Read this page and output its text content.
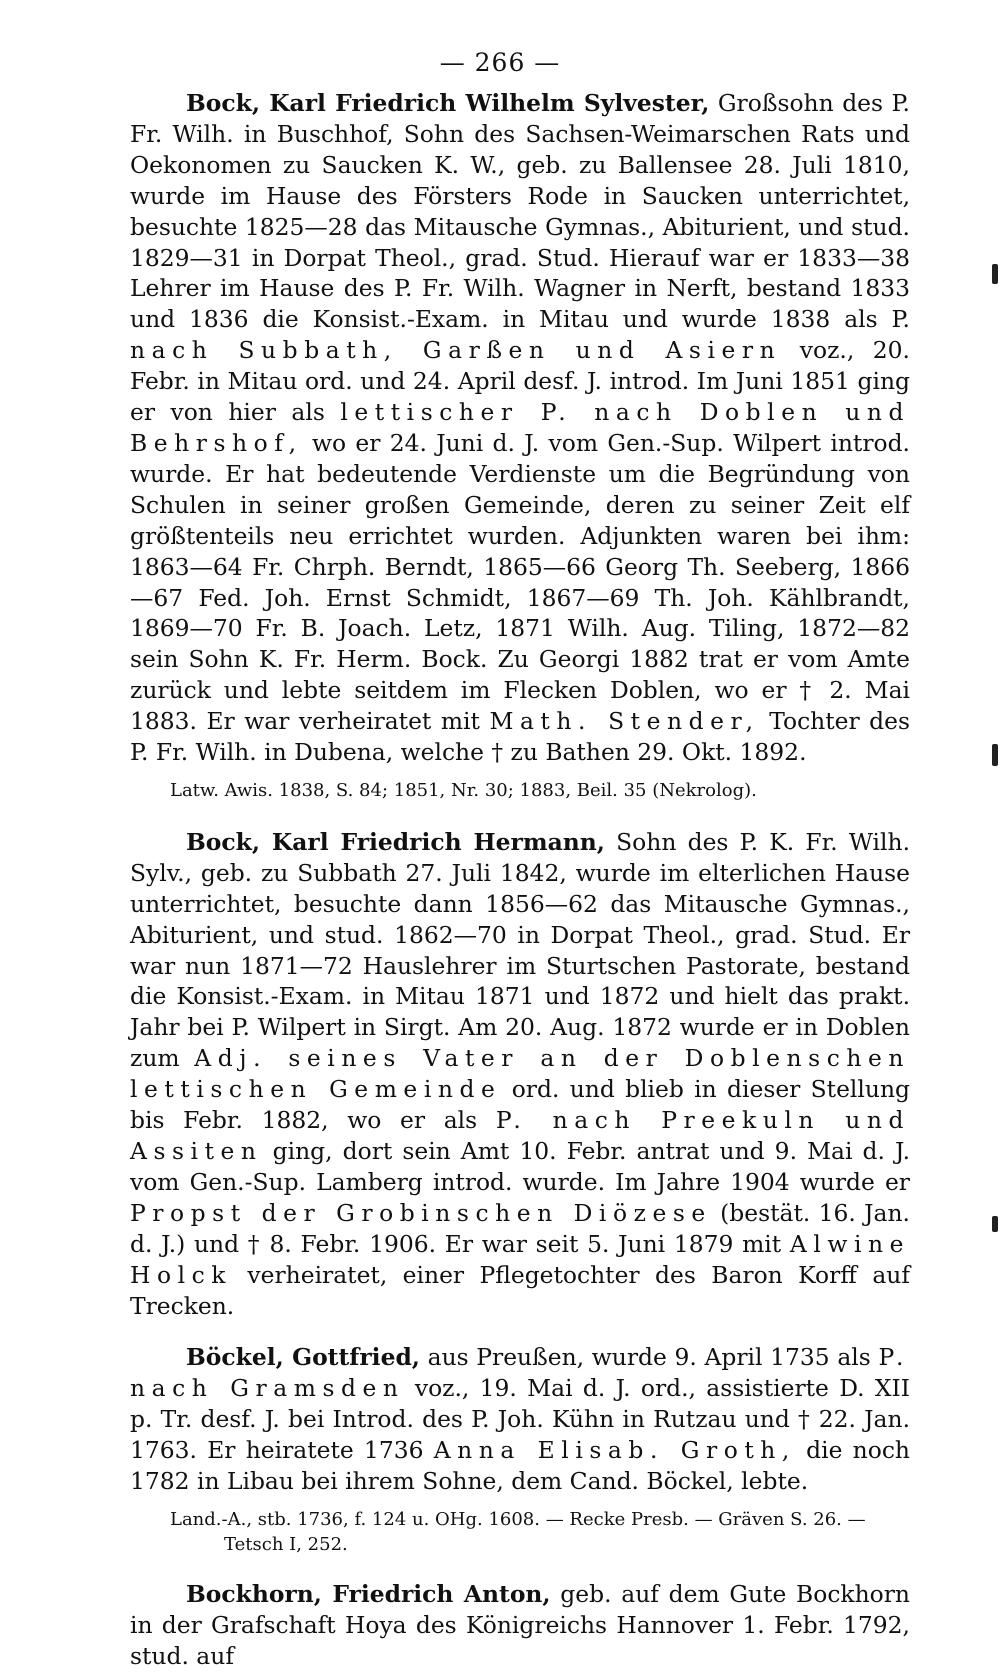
— 266 —

Bock, Karl Friedrich Wilhelm Sylvester, Großsohn des P. Fr. Wilh. in Buschhof, Sohn des Sachsen-Weimarschen Rats und Oekonomen zu Saucken K. W., geb. zu Ballensee 28. Juli 1810, wurde im Hause des Försters Rode in Saucken unterrichtet, besuchte 1825—28 das Mitausche Gymnas., Abiturient, und stud. 1829—31 in Dorpat Theol., grad. Stud. Hierauf war er 1833—38 Lehrer im Hause des P. Fr. Wilh. Wagner in Nerft, bestand 1833 und 1836 die Konsist.-Exam. in Mitau und wurde 1838 als P. nach Subbath, Garßen und Asiern voz., 20. Febr. in Mitau ord. und 24. April desf. J. introd. Im Juni 1851 ging er von hier als lettischer P. nach Doblen und Behrshof, wo er 24. Juni d. J. vom Gen.-Sup. Wilpert introd. wurde. Er hat bedeutende Verdienste um die Begründung von Schulen in seiner großen Gemeinde, deren zu seiner Zeit elf größtenteils neu errichtet wurden. Adjunkten waren bei ihm: 1863—64 Fr. Chrph. Berndt, 1865—66 Georg Th. Seeberg, 1866—67 Fed. Joh. Ernst Schmidt, 1867—69 Th. Joh. Kählbrandt, 1869—70 Fr. B. Joach. Letz, 1871 Wilh. Aug. Tiling, 1872—82 sein Sohn K. Fr. Herm. Bock. Zu Georgi 1882 trat er vom Amte zurück und lebte seitdem im Flecken Doblen, wo er † 2. Mai 1883. Er war verheiratet mit Math. Stender, Tochter des P. Fr. Wilh. in Dubena, welche † zu Bathen 29. Okt. 1892.

Latw. Awis. 1838, S. 84; 1851, Nr. 30; 1883, Beil. 35 (Nekrolog).

Bock, Karl Friedrich Hermann, Sohn des P. K. Fr. Wilh. Sylv., geb. zu Subbath 27. Juli 1842, wurde im elterlichen Hause unterrichtet, besuchte dann 1856—62 das Mitausche Gymnas., Abiturient, und stud. 1862—70 in Dorpat Theol., grad. Stud. Er war nun 1871—72 Hauslehrer im Sturtschen Pastorate, bestand die Konsist.-Exam. in Mitau 1871 und 1872 und hielt das prakt. Jahr bei P. Wilpert in Sirgt. Am 20. Aug. 1872 wurde er in Doblen zum Adj. seines Vater an der Doblenschen lettischen Gemeinde ord. und blieb in dieser Stellung bis Febr. 1882, wo er als P. nach Preekuln und Assiten ging, dort sein Amt 10. Febr. antrat und 9. Mai d. J. vom Gen.-Sup. Lamberg introd. wurde. Im Jahre 1904 wurde er Propst der Grobinschen Diözese (bestät. 16. Jan. d. J.) und † 8. Febr. 1906. Er war seit 5. Juni 1879 mit Alwine Holck verheiratet, einer Pflegetochter des Baron Korff auf Trecken.

Böckel, Gottfried, aus Preußen, wurde 9. April 1735 als P. nach Gramsden voz., 19. Mai d. J. ord., assistierte D. XII p. Tr. desf. J. bei Introd. des P. Joh. Kühn in Rutzau und † 22. Jan. 1763. Er heiratete 1736 Anna Elisab. Groth, die noch 1782 in Libau bei ihrem Sohne, dem Cand. Böckel, lebte.

Land.-A., stb. 1736, f. 124 u. OHg. 1608. — Recke Presb. — Gräven S. 26. — Tetsch I, 252.

Bockhorn, Friedrich Anton, geb. auf dem Gute Bockhorn in der Grafschaft Hoya des Königreichs Hannover 1. Febr. 1792, stud. auf
